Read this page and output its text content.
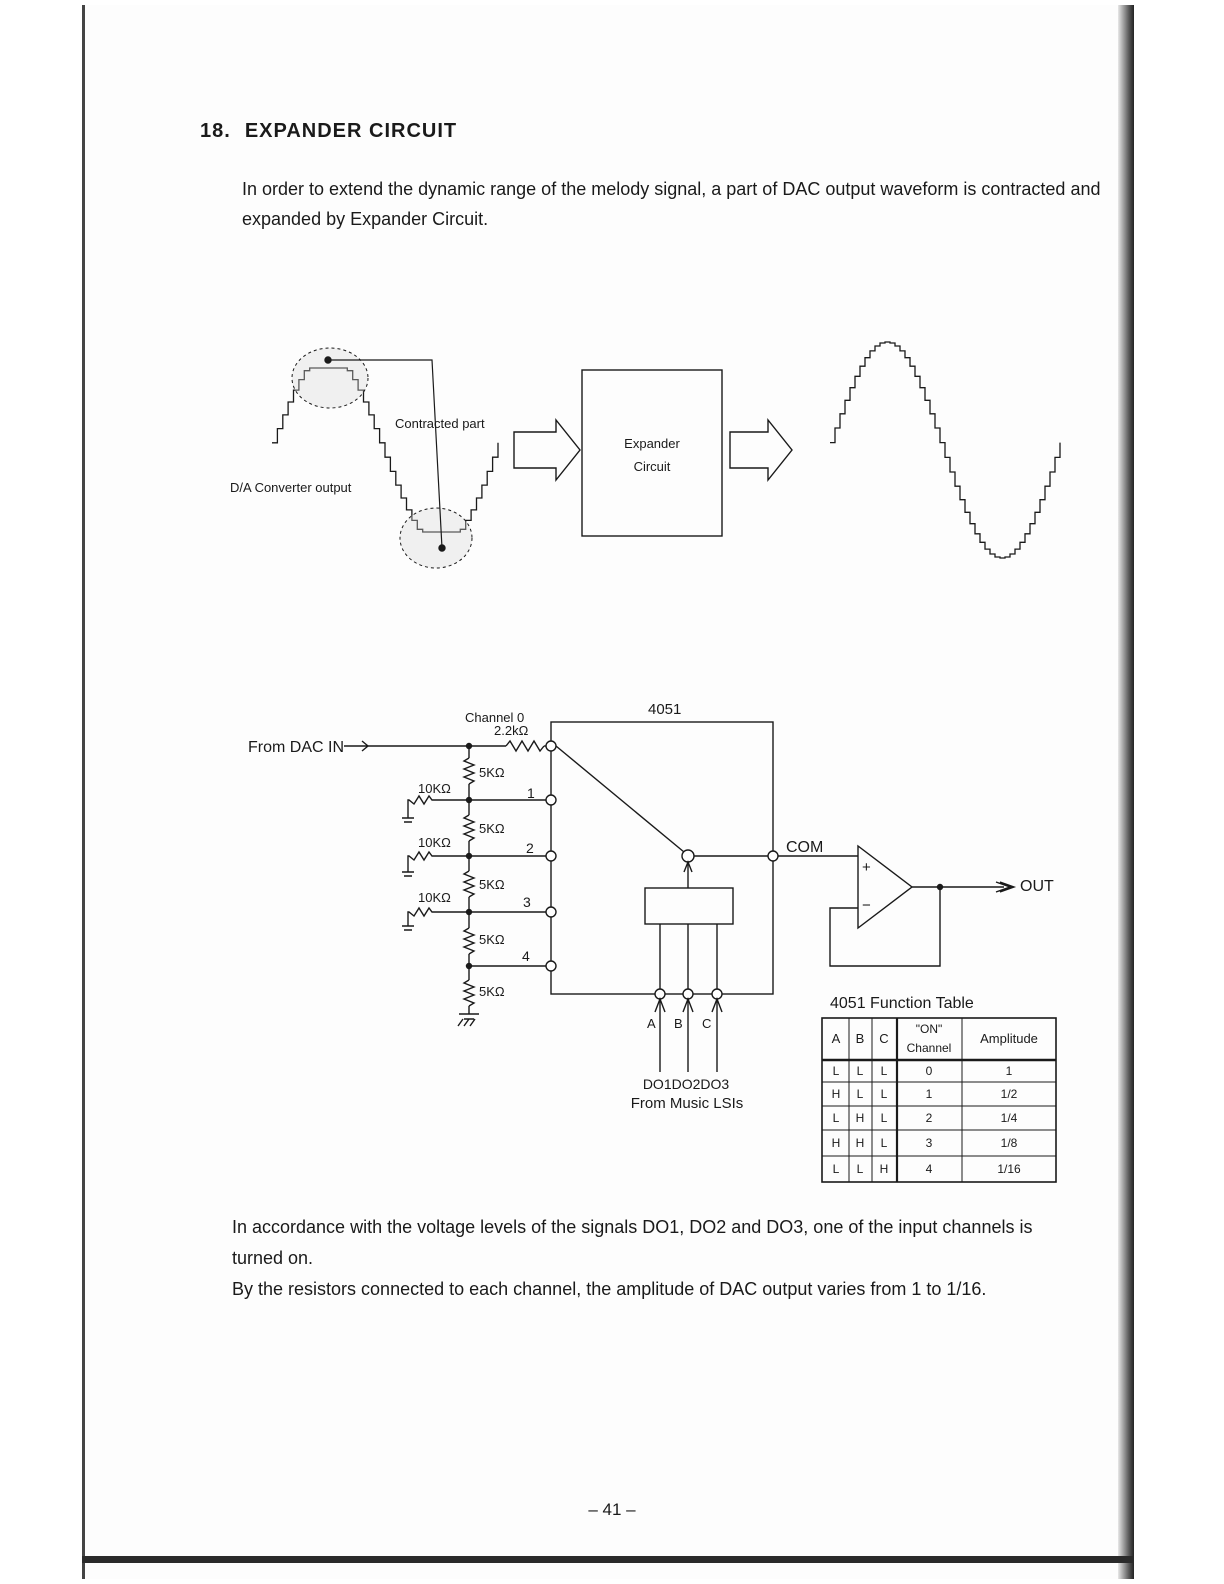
18. EXPANDER CIRCUIT

In order to extend the dynamic range of the melody signal, a part of DAC output waveform is contracted and expanded by Expander Circuit.

Contracted part
D/A Converter output
Expander
Circuit
From DAC IN
Channel 0
2.2kΩ
4051
5KΩ
5KΩ
5KΩ
5KΩ
5KΩ
10KΩ
10KΩ
10KΩ
1
2
3
4
COM
+
−
OUT
A B C
DO1DO2DO3
From Music LSIs
4051 Function Table
A B C
"ON"
Channel
Amplitude
L L L	0	1
H L L	1	1/2
L H L	2	1/4
H H L	3	1/8
L L H	4	1/16

In accordance with the voltage levels of the signals DO1, DO2 and DO3, one of the input channels is turned on.
By the resistors connected to each channel, the amplitude of DAC output varies from 1 to 1/16.

– 41 –
